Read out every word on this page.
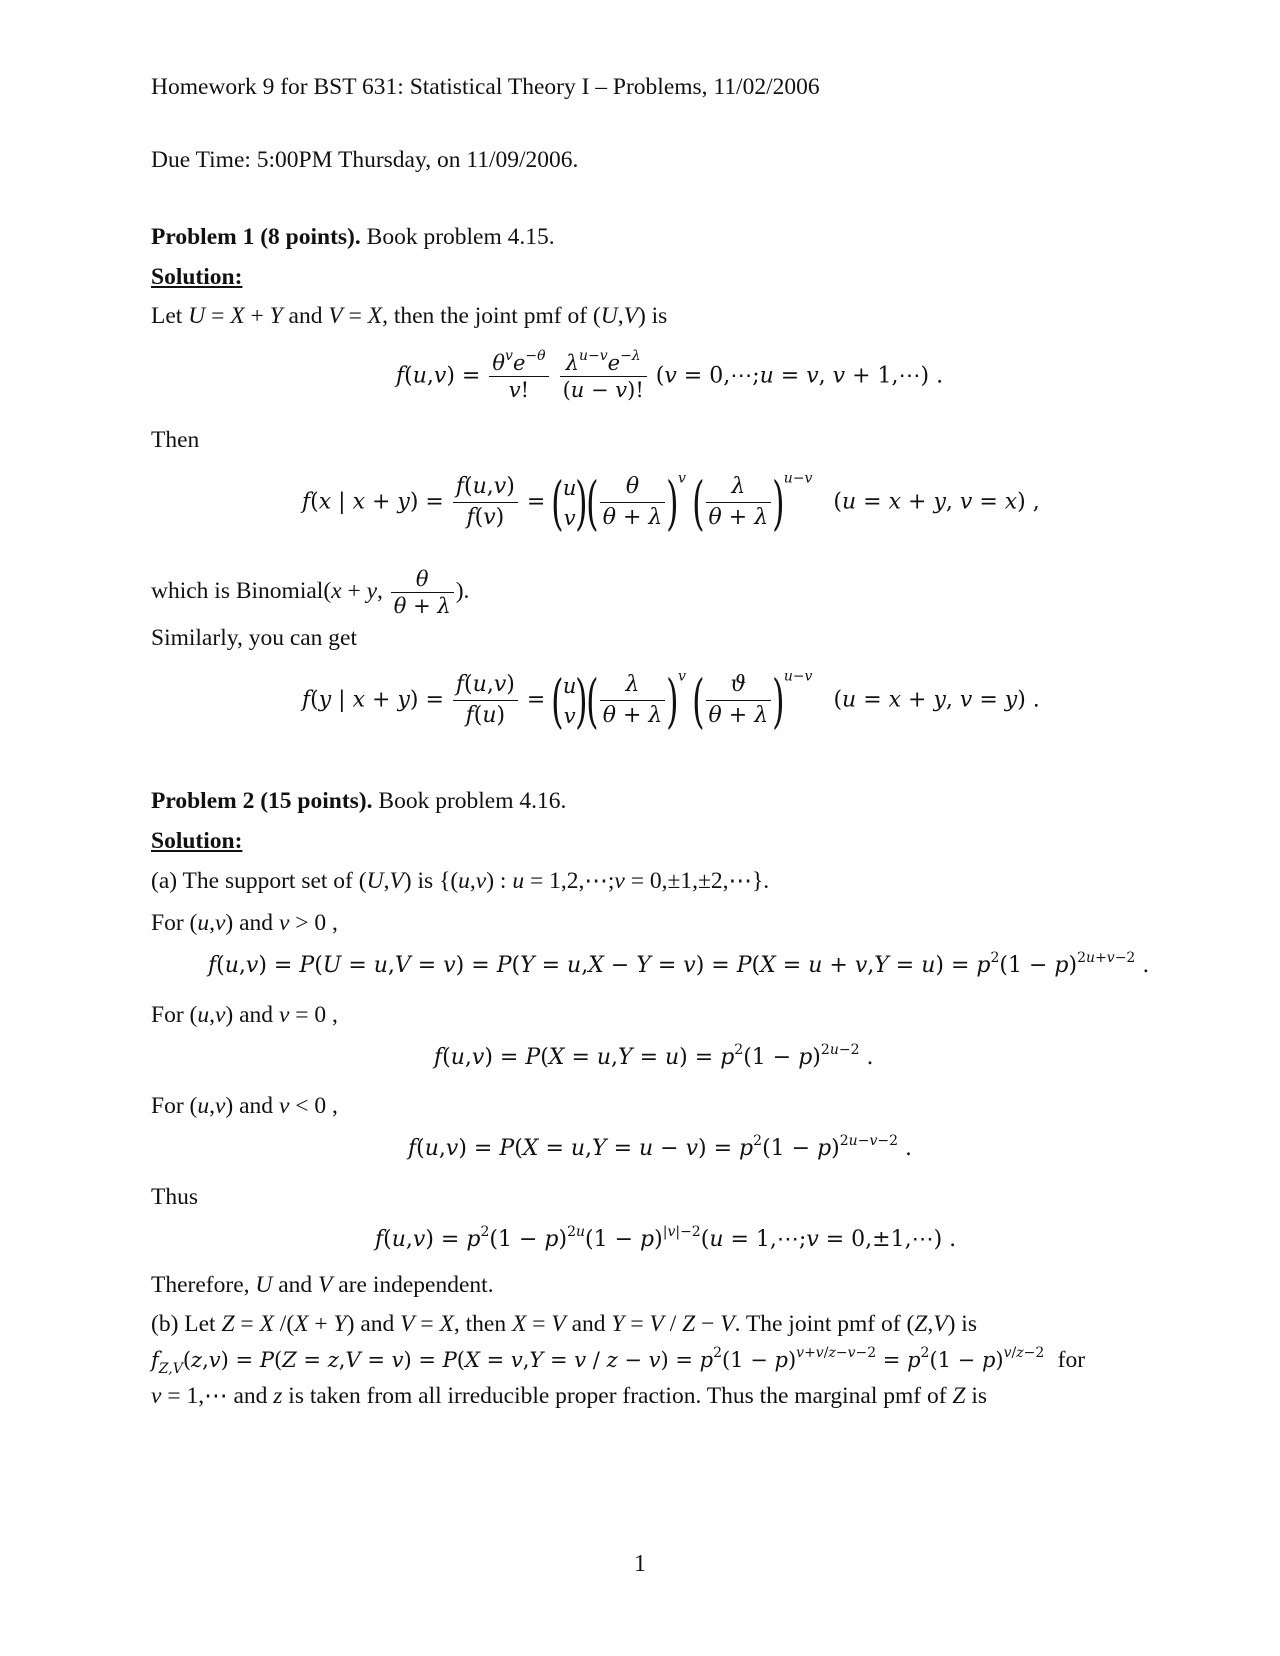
Homework 9 for BST 631: Statistical Theory I – Problems, 11/02/2006
Due Time: 5:00PM Thursday, on 11/09/2006.
Problem 1 (8 points). Book problem 4.15.
Solution:
Let U = X + Y and V = X, then the joint pmf of (U,V) is
$f(u,v) = \frac{\theta^ve^{-\theta}}{v!}$
$\frac{\lambda^{u-v}e^{-\lambda}}{(u - v)!} (v$ = 0,⋯;u = v, v + 1,⋯) .
Then
f(x | $x + y) = \frac{f(u,v)}{f(v)}$ = ( u
v )( $\frac{\theta}{\theta + \lambda} )^v$ ( $\frac{\lambda}{\theta + \lambda} )^{u-v}$   (u = x + y, v = x) ,
which is Binomial(x + y, $\frac{\theta}{\theta + \lambda}$ ).
Similarly, you can get
f(y | $x + y) = \frac{f(u,v)}{f(u)}$ = ( u
v )( $\frac{\lambda}{\theta + \lambda} )^v$ ( $\frac{ϑ}{\theta + \lambda} )^{u-v}$   (u = x + y, v = y) .
Problem 2 (15 points). Book problem 4.16.
Solution:
(a) The support set of (U,V) is {(u,v) : u = 1,2,⋯;v = 0,±1,±2,⋯}.
For (u,v) and v > 0 ,
$f(u,v) = P(U = u,V = v) = P(Y = u,X - Y = v) = P(X = u + v,Y = u) = p^2(1 - p)^{2u+v-2}$ .
For (u,v) and v = 0 ,
$f(u,v) = P(X = u,Y = u) = p^2(1 - p)^{2u-2}$ .
For (u,v) and v < 0 ,
$f(u,v) = P(X = u,Y = u - v) = p^2(1 - p)^{2u-v-2}$ .
Thus
$f(u,v) = p^2(1 - p)^{2u}(1 - p)^{|v|-2}(u$ = 1,⋯;v = 0,±1,⋯) .
Therefore, U and V are independent.
(b) Let Z = X /(X + Y) and V = X, then X = V and Y = V / Z − V. The joint pmf of (Z,V) is
$f_{Z,V}(z,v) = P(Z = z,V = v) = P(X = v,Y = v / z - v) = p^2(1 - p)^{v+v/z-v-2} = p^2(1 - p)^{v/z-2}$ for
v = 1,⋯ and z is taken from all irreducible proper fraction. Thus the marginal pmf of Z is
1
